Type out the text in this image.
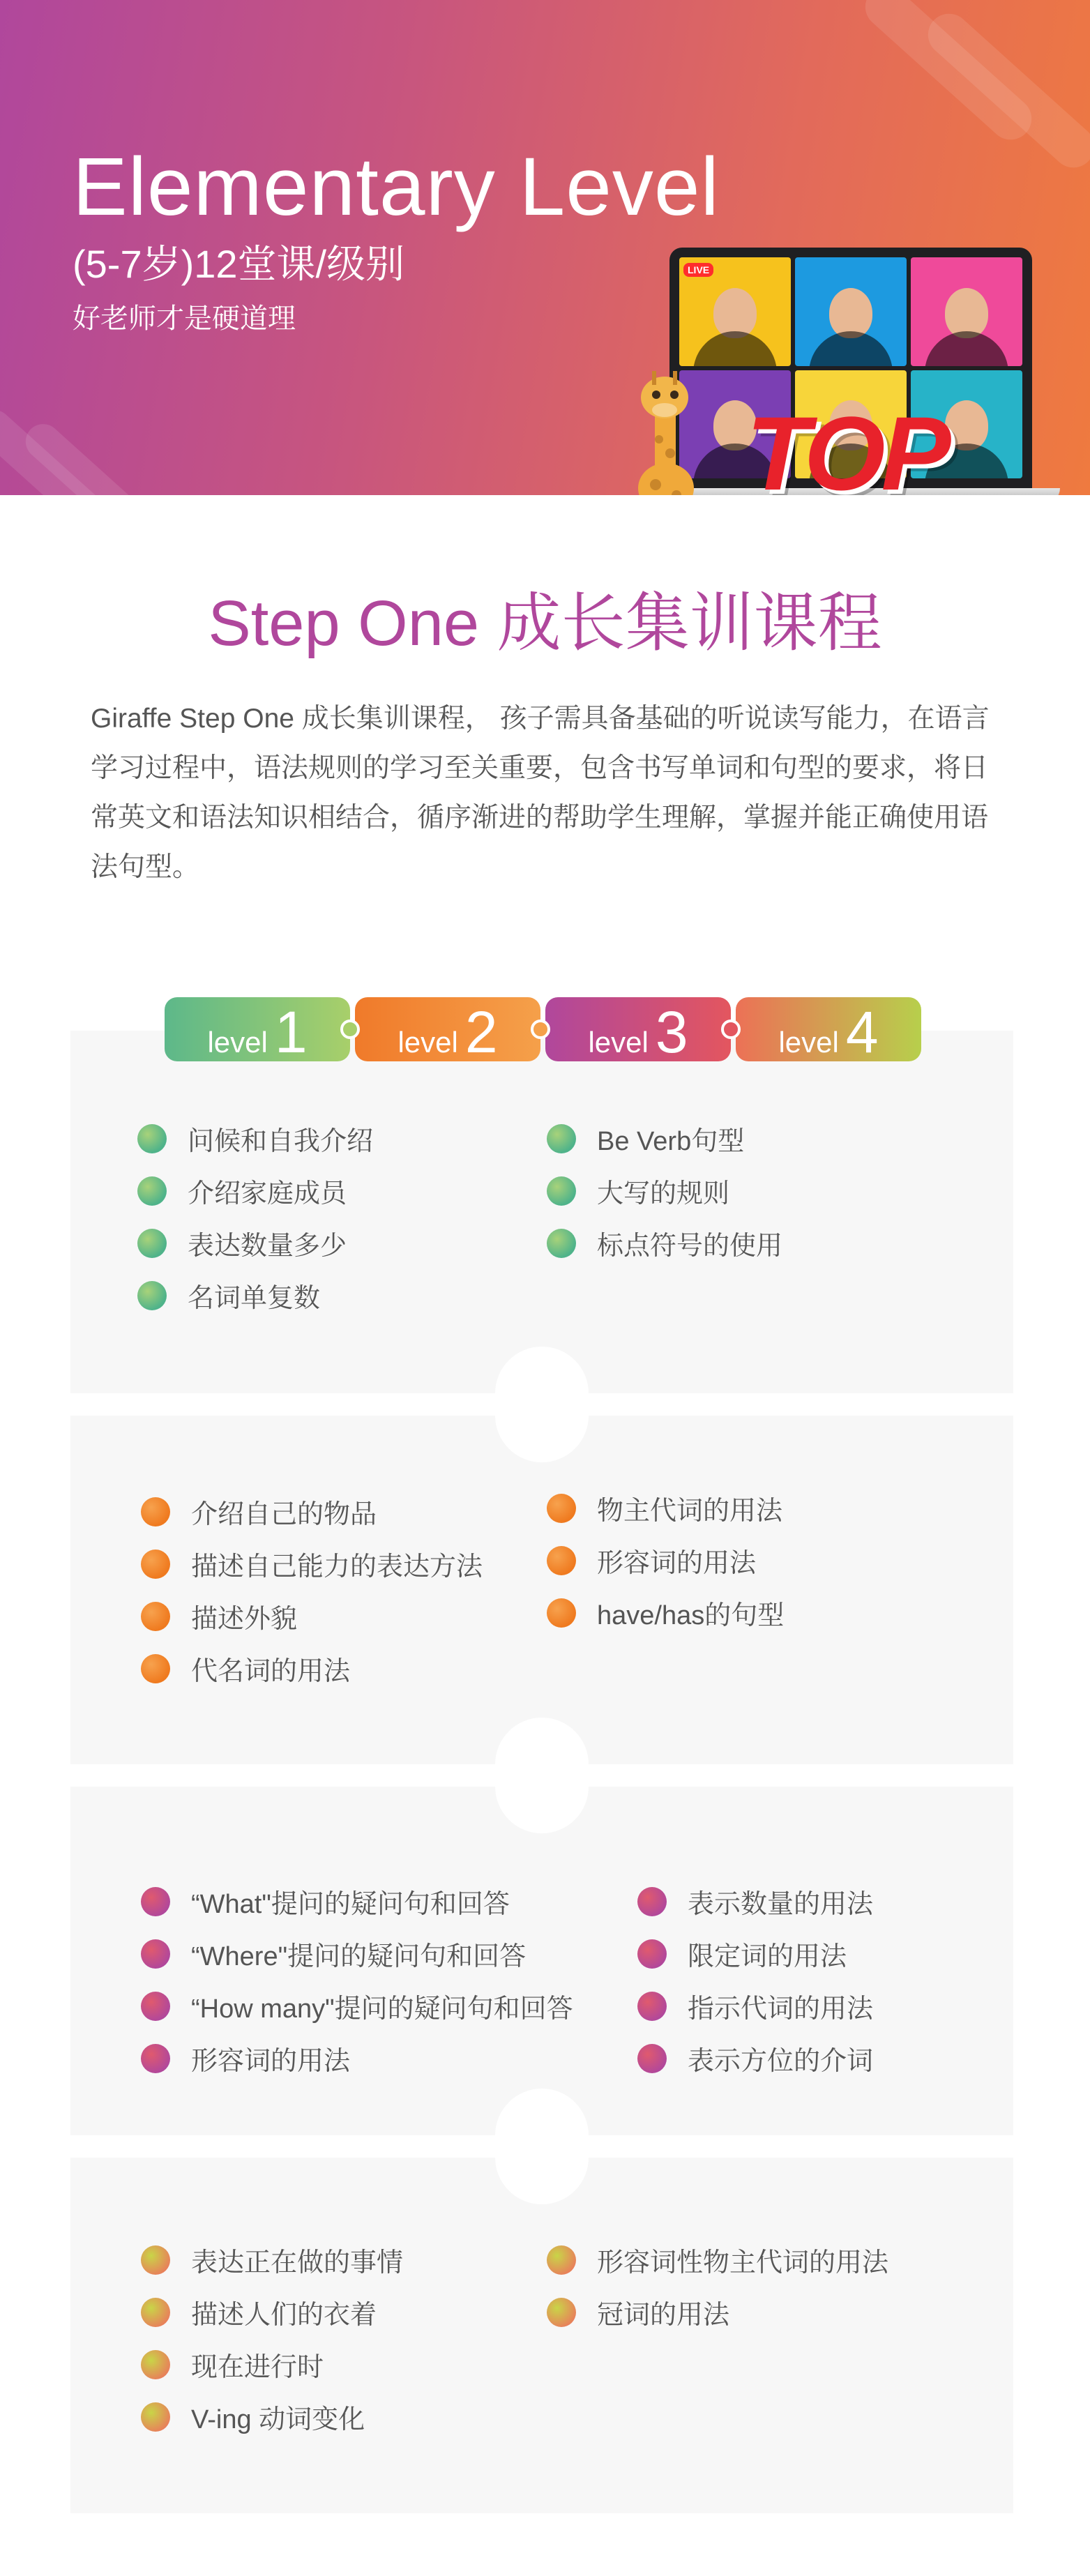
Elementary Level
(5-7岁)12堂课/级别
好老师才是硬道理
LIVE
TOP
Step One 成长集训课程

Giraffe Step One 成长集训课程， 孩子需具备基础的听说读写能力，在语言学习过程中，语法规则的学习至关重要，包含书写单词和句型的要求，将日常英文和语法知识相结合，循序渐进的帮助学生理解，掌握并能正确使用语法句型。

问候和自我介绍
介绍家庭成员
表达数量多少
名词单复数
Be Verb句型
大写的规则
标点符号的使用
介绍自己的物品
描述自己能力的表达方法
描述外貌
代名词的用法
物主代词的用法
形容词的用法
have/has的句型
“What"提问的疑问句和回答
“Where"提问的疑问句和回答
“How many"提问的疑问句和回答
形容词的用法
表示数量的用法
限定词的用法
指示代词的用法
表示方位的介词
表达正在做的事情
描述人们的衣着
现在进行时
V-ing 动词变化
形容词性物主代词的用法
冠词的用法
level 1	level 2	level 3	level 4
